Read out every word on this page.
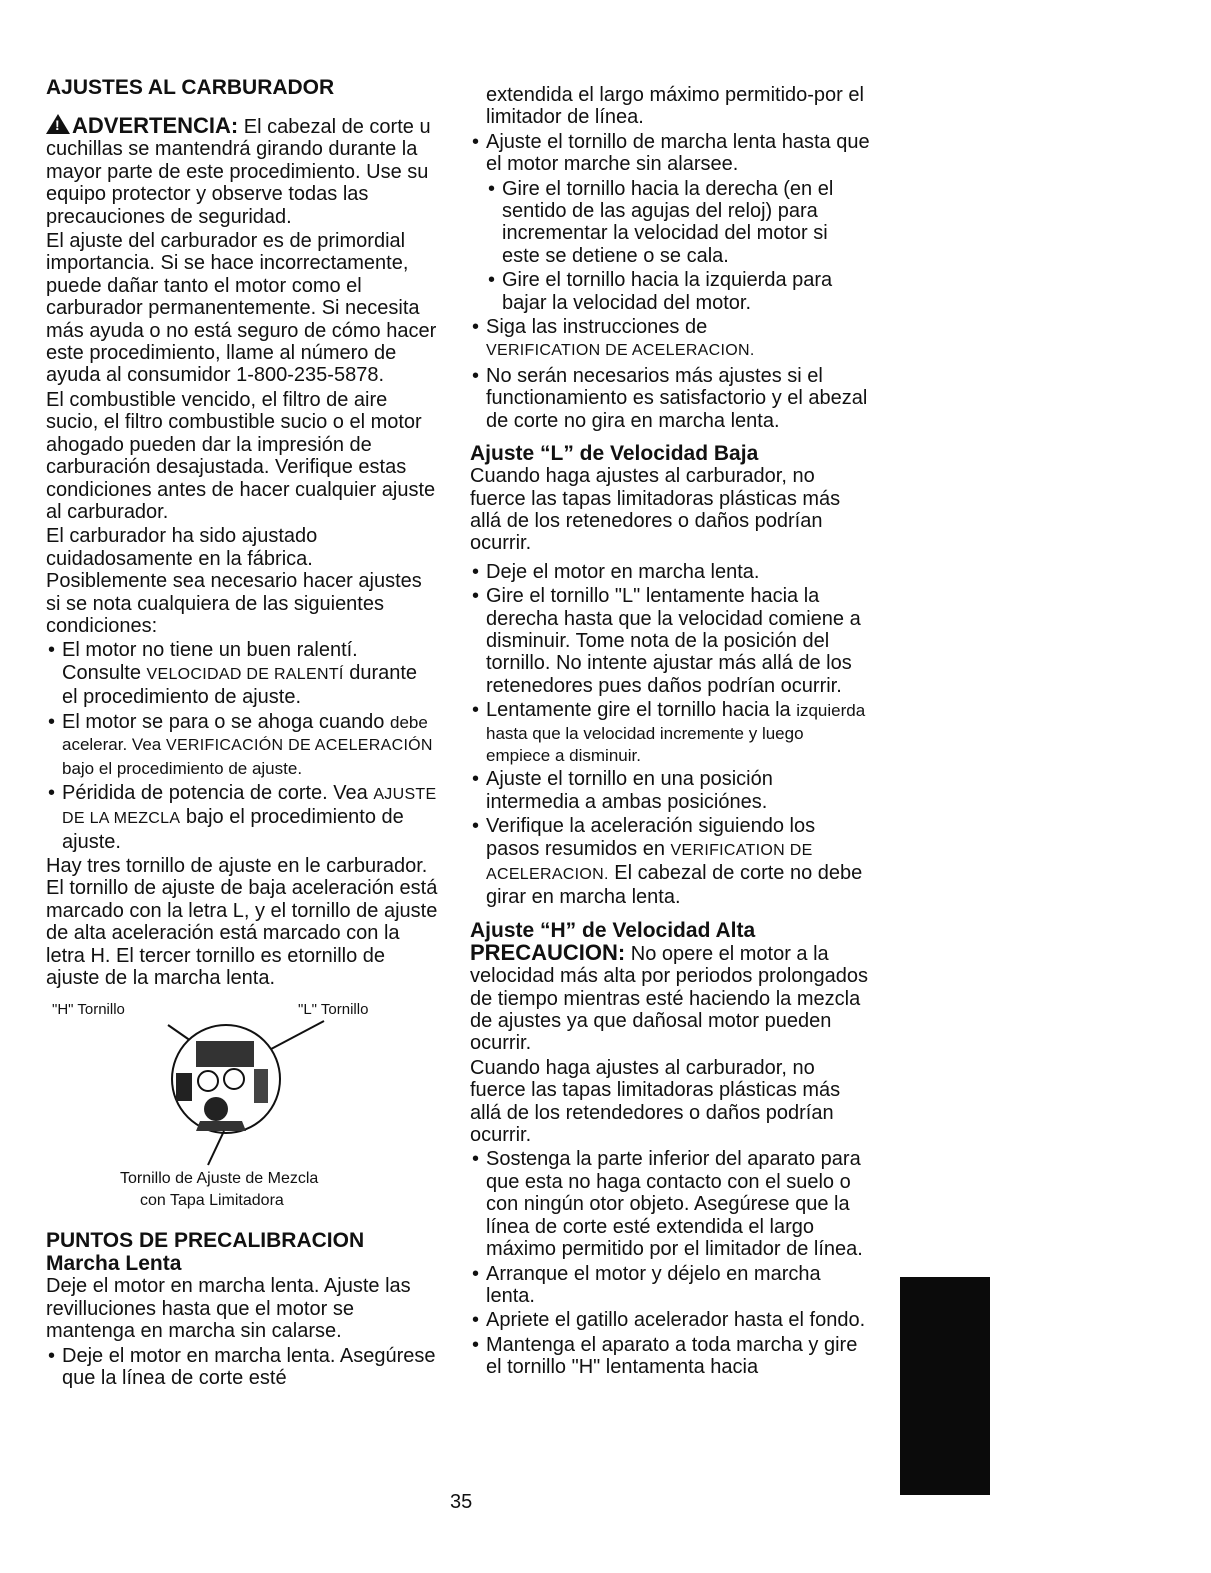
AJUSTES AL CARBURADOR

!ADVERTENCIA: El cabezal de corte u cuchillas se mantendrá girando durante la mayor parte de este procedimiento. Use su equipo protector y observe todas las precauciones de seguridad.

El ajuste del carburador es de primordial importancia. Si se hace incorrectamente, puede dañar tanto el motor como el carburador permanentemente. Si necesita más ayuda o no está seguro de cómo hacer este procedimiento, llame al número de ayuda al consumidor 1-800-235-5878.

El combustible vencido, el filtro de aire sucio, el filtro combustible sucio o el motor ahogado pueden dar la impresión de carburación desajustada. Verifique estas condiciones antes de hacer cualquier ajuste al carburador.

El carburador ha sido ajustado cuidadosamente en la fábrica. Posiblemente sea necesario hacer ajustes si se nota cualquiera de las siguientes condiciones:

• El motor no tiene un buen ralentí. Consulte VELOCIDAD DE RALENTÍ durante el procedimiento de ajuste.
• El motor se para o se ahoga cuando debe acelerar. Vea VERIFICACIÓN DE ACELERACIÓN bajo el procedimiento de ajuste.
• Péridida de potencia de corte. Vea AJUSTE DE LA MEZCLA bajo el procedimiento de ajuste.

Hay tres tornillo de ajuste en le carburador. El tornillo de ajuste de baja aceleración está marcado con la letra L, y el tornillo de ajuste de alta aceleración está marcado con la letra H. El tercer tornillo es etornillo de ajuste de la marcha lenta.

"H" Tornillo	"L" Tornillo
Tornillo de Ajuste de Mezcla
con Tapa Limitadora
PUNTOS DE PRECALIBRACION
Marcha Lenta

Deje el motor en marcha lenta. Ajuste las revilluciones hasta que el motor se mantenga en marcha sin calarse.

• Deje el motor en marcha lenta. Asegúrese que la línea de corte esté

extendida el largo máximo permitido-por el limitador de línea.

• Ajuste el tornillo de marcha lenta hasta que el motor marche sin alarsee.
• Gire el tornillo hacia la derecha (en el sentido de las agujas del reloj) para incrementar la velocidad del motor si este se detiene o se cala.
• Gire el tornillo hacia la izquierda para bajar la velocidad del motor.
• Siga las instrucciones de
VERIFICATION DE ACELERACION.
• No serán necesarios más ajustes si el functionamiento es satisfactorio y el abezal de corte no gira en marcha lenta.
Ajuste “L” de Velocidad Baja

Cuando haga ajustes al carburador, no fuerce las tapas limitadoras plásticas más allá de los retenedores o daños podrían ocurrir.

• Deje el motor en marcha lenta.
• Gire el tornillo "L" lentamente hacia la derecha hasta que la velocidad comiene a disminuir. Tome nota de la posición del tornillo. No intente ajustar más allá de los retenedores pues daños podrían ocurrir.
• Lentamente gire el tornillo hacia la izquierda hasta que la velocidad incremente y luego empiece a disminuir.
• Ajuste el tornillo en una posición intermedia a ambas posiciónes.
• Verifique la aceleración siguiendo los pasos resumidos en VERIFICATION DE ACELERACION. El cabezal de corte no debe girar en marcha lenta.
Ajuste “H” de Velocidad Alta

PRECAUCION: No opere el motor a la velocidad más alta por periodos prolongados de tiempo mientras esté haciendo la mezcla de ajustes ya que dañosal motor pueden ocurrir.

Cuando haga ajustes al carburador, no fuerce las tapas limitadoras plásticas más allá de los retendedores o daños podrían ocurrir.

• Sostenga la parte inferior del aparato para que esta no haga contacto con el suelo o con ningún otor objeto. Asegúrese que la línea de corte esté extendida el largo máximo permitido por el limitador de línea.
• Arranque el motor y déjelo en marcha lenta.
• Apriete el gatillo acelerador hasta el fondo.
• Mantenga el aparato a toda marcha y gire el tornillo "H" lentamenta hacia
35
